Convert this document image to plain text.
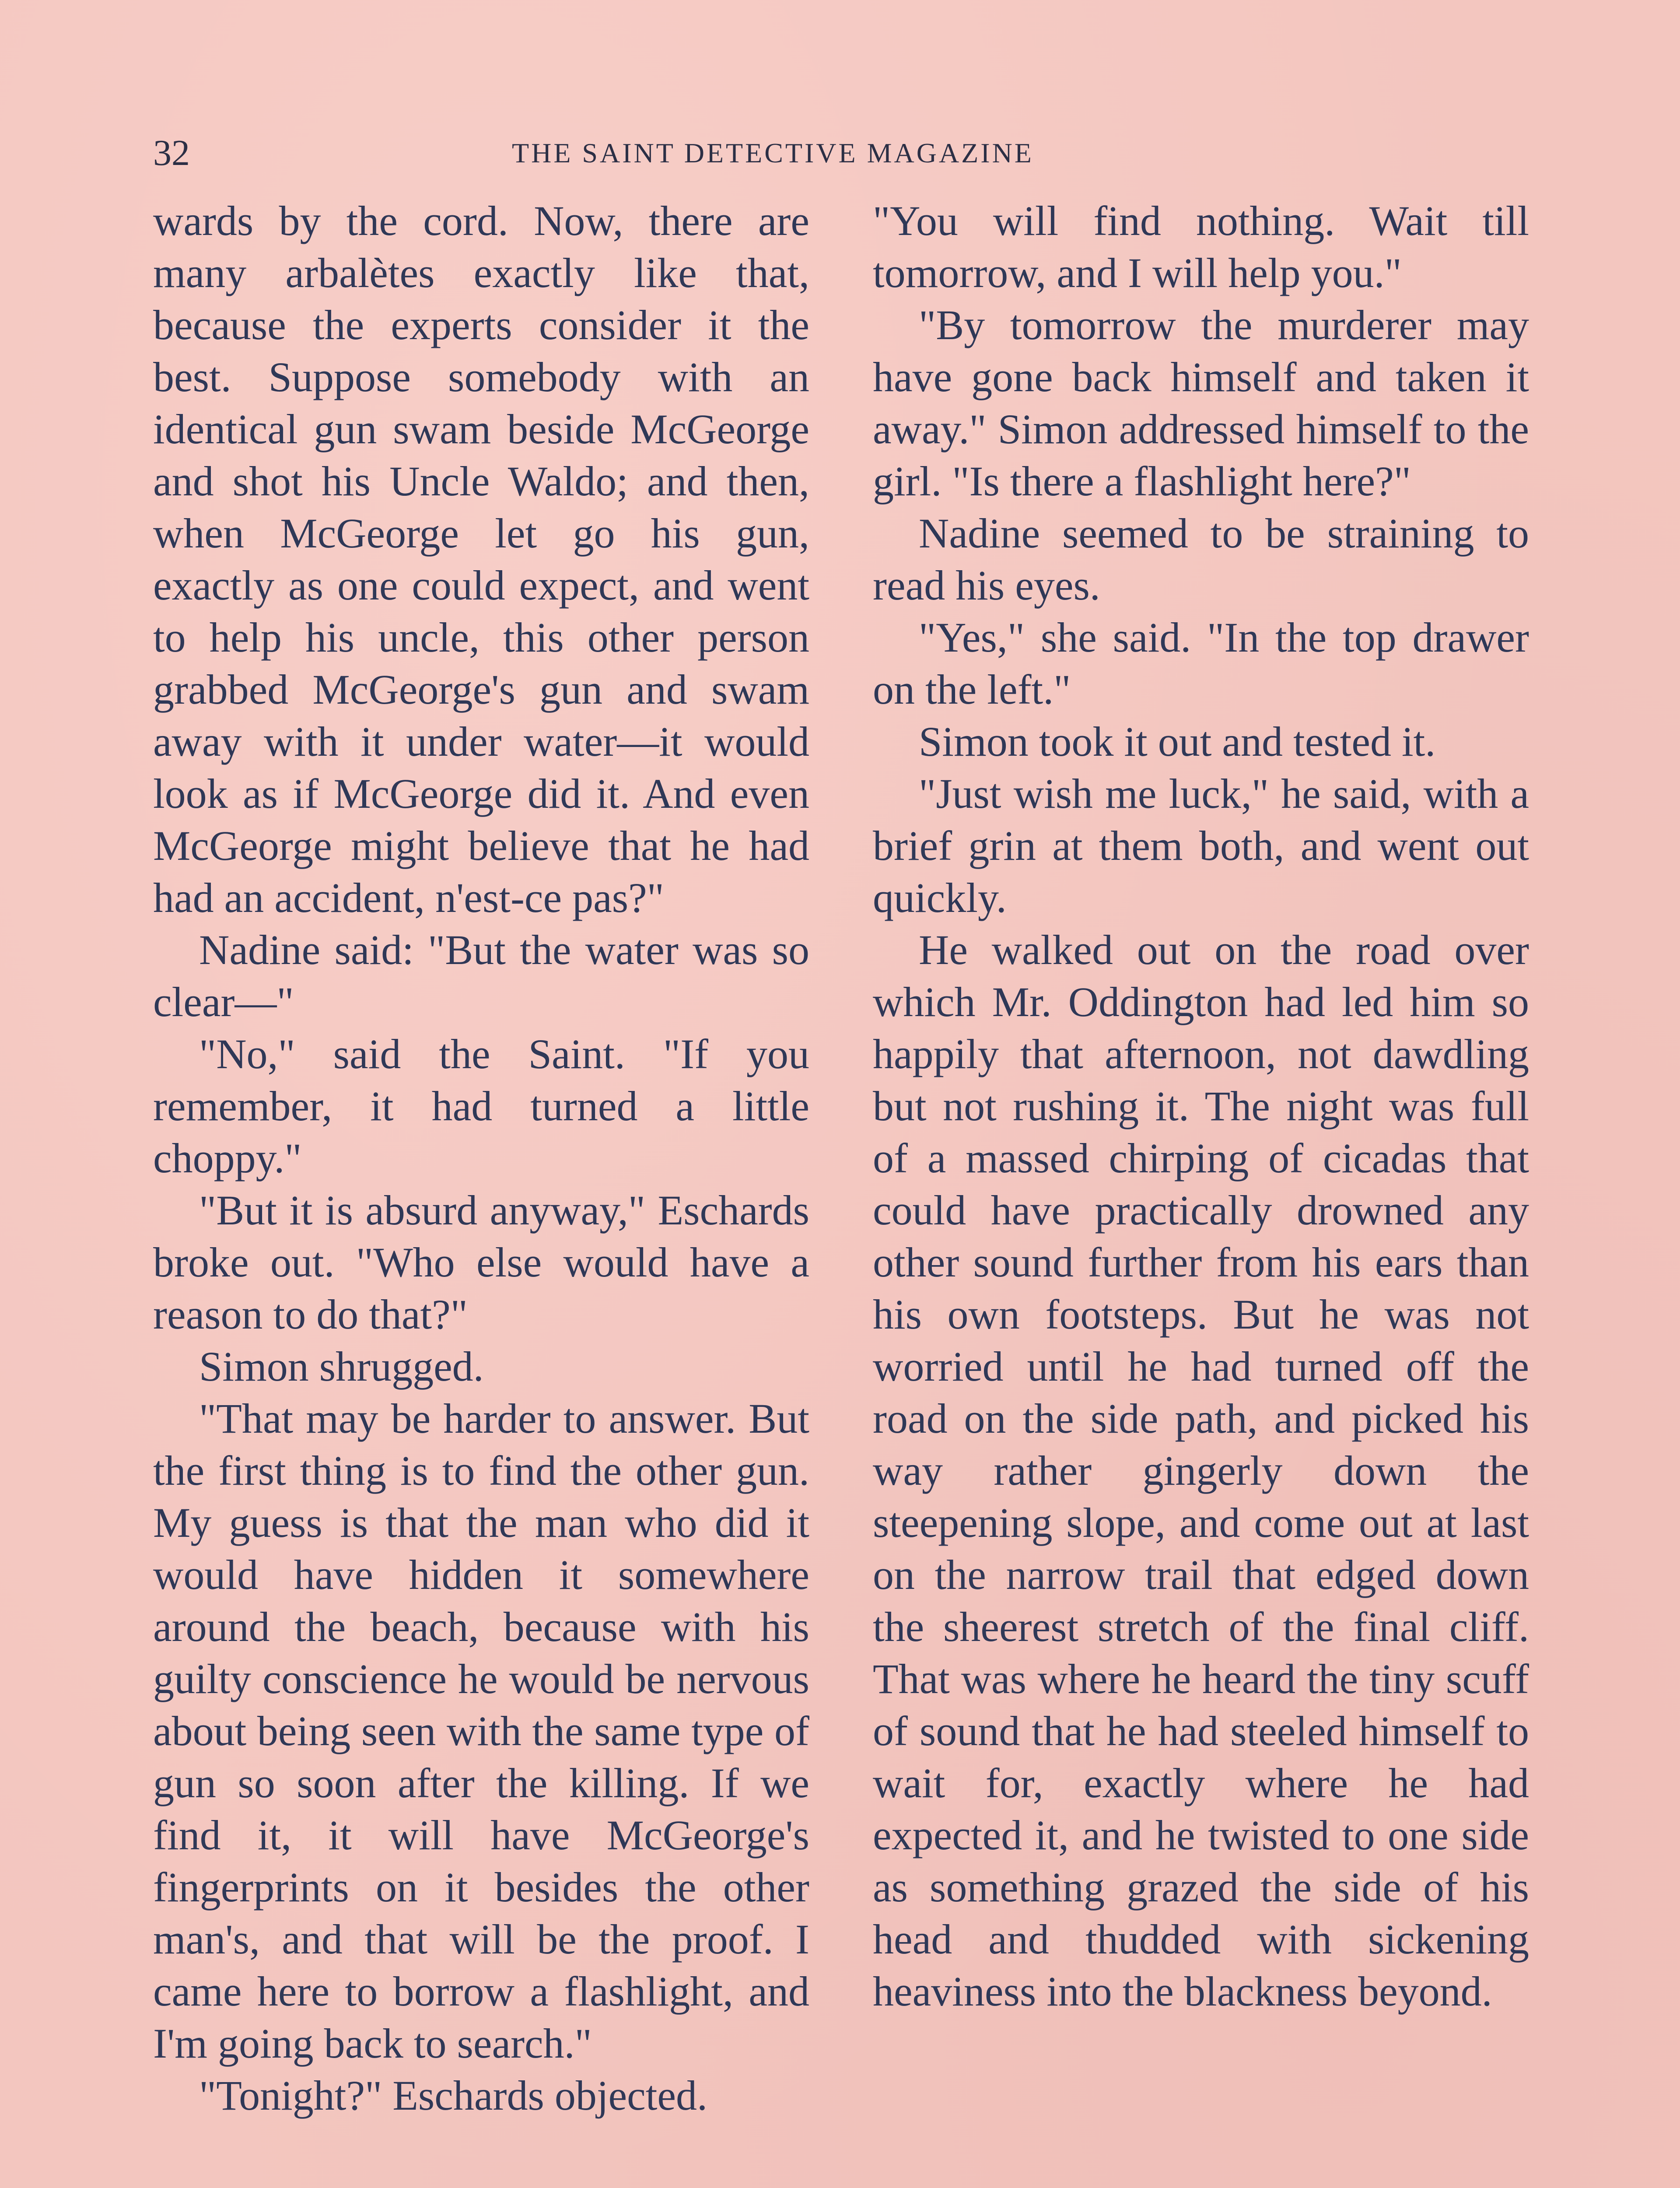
32	THE SAINT DETECTIVE MAGAZINE

wards by the cord. Now, there are many arbalètes exactly like that, because the experts consider it the best. Suppose somebody with an identical gun swam beside McGeorge and shot his Uncle Waldo; and then, when McGeorge let go his gun, exactly as one could expect, and went to help his uncle, this other person grabbed McGeorge's gun and swam away with it under water—it would look as if McGeorge did it. And even McGeorge might believe that he had had an accident, n'est-ce pas?"

Nadine said: "But the water was so clear—"

"No," said the Saint. "If you remember, it had turned a little choppy."

"But it is absurd anyway," Eschards broke out. "Who else would have a reason to do that?"

Simon shrugged.

"That may be harder to answer. But the first thing is to find the other gun. My guess is that the man who did it would have hidden it somewhere around the beach, because with his guilty conscience he would be nervous about being seen with the same type of gun so soon after the killing. If we find it, it will have McGeorge's fingerprints on it besides the other man's, and that will be the proof. I came here to borrow a flashlight, and I'm going back to search."

"Tonight?" Eschards objected.

"You will find nothing. Wait till tomorrow, and I will help you."

"By tomorrow the murderer may have gone back himself and taken it away." Simon addressed himself to the girl. "Is there a flashlight here?"

Nadine seemed to be straining to read his eyes.

"Yes," she said. "In the top drawer on the left."

Simon took it out and tested it.

"Just wish me luck," he said, with a brief grin at them both, and went out quickly.

He walked out on the road over which Mr. Oddington had led him so happily that afternoon, not dawdling but not rushing it. The night was full of a massed chirping of cicadas that could have practically drowned any other sound further from his ears than his own footsteps. But he was not worried until he had turned off the road on the side path, and picked his way rather gingerly down the steepening slope, and come out at last on the narrow trail that edged down the sheerest stretch of the final cliff. That was where he heard the tiny scuff of sound that he had steeled himself to wait for, exactly where he had expected it, and he twisted to one side as something grazed the side of his head and thudded with sickening heaviness into the blackness beyond.
